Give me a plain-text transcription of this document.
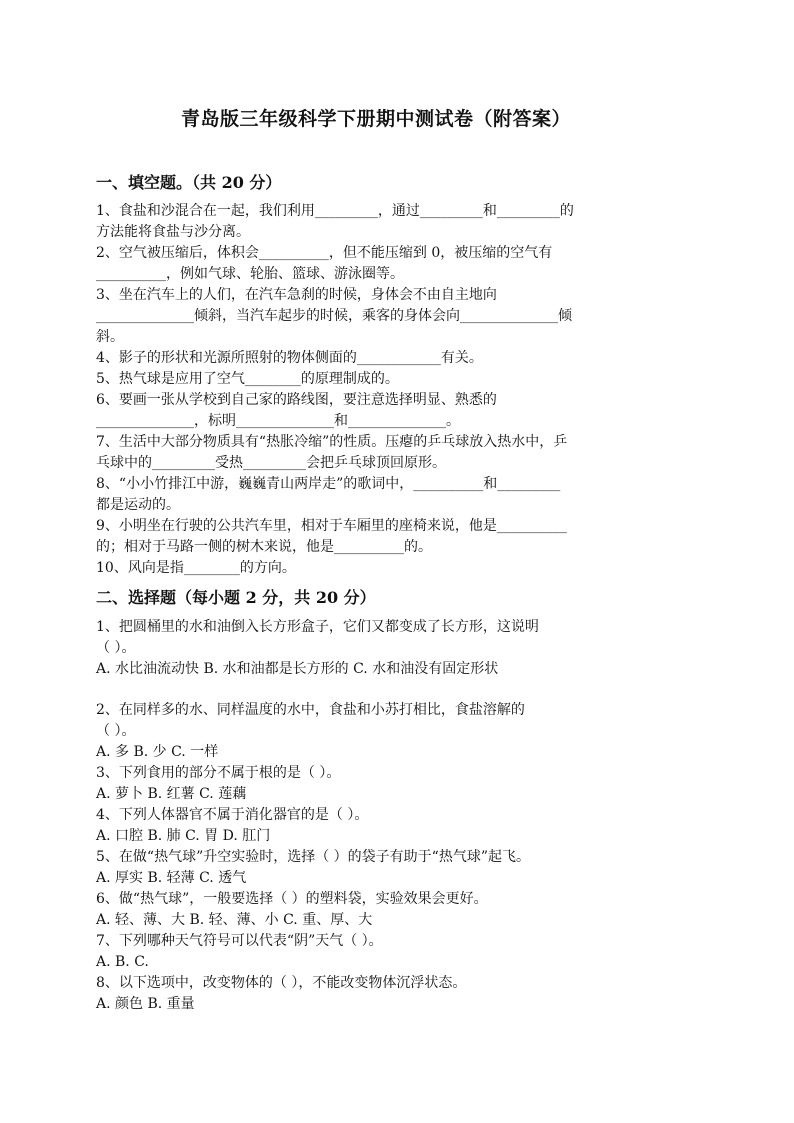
青岛版三年级科学下册期中测试卷（附答案）
一、填空题。（共 20 分）
1、食盐和沙混合在一起，我们利用_________，通过_________和_________的
方法能将食盐与沙分离。
2、空气被压缩后，体积会__________，但不能压缩到 0，被压缩的空气有
__________，例如气球、轮胎、篮球、游泳圈等。
3、坐在汽车上的人们，在汽车急刹的时候，身体会不由自主地向
______________倾斜，当汽车起步的时候，乘客的身体会向______________倾
斜。
4、影子的形状和光源所照射的物体侧面的____________有关。
5、热气球是应用了空气________的原理制成的。
6、要画一张从学校到自己家的路线图，要注意选择明显、熟悉的
______________，标明______________和______________。
7、生活中大部分物质具有“热胀冷缩”的性质。压瘪的乒乓球放入热水中，乒
乓球中的_________受热_________会把乒乓球顶回原形。
8、“小小竹排江中游，巍巍青山两岸走”的歌词中，__________和_________
都是运动的。
9、小明坐在行驶的公共汽车里，相对于车厢里的座椅来说，他是__________
的；相对于马路一侧的树木来说，他是__________的。
10、风向是指________的方向。
二、选择题（每小题 2 分，共 20 分）
1、把圆桶里的水和油倒入长方形盒子，它们又都变成了长方形，这说明
（ ）。
A. 水比油流动快 B. 水和油都是长方形的 C. 水和油没有固定形状
2、在同样多的水、同样温度的水中，食盐和小苏打相比，食盐溶解的
（ ）。
A. 多 B. 少 C. 一样
3、下列食用的部分不属于根的是（ ）。
A. 萝卜 B. 红薯 C. 莲藕
4、下列人体器官不属于消化器官的是（ ）。
A. 口腔 B. 肺 C. 胃 D. 肛门
5、在做“热气球”升空实验时，选择（ ）的袋子有助于“热气球”起飞。
A. 厚实 B. 轻薄 C. 透气
6、做“热气球”，一般要选择（ ）的塑料袋，实验效果会更好。
A. 轻、薄、大 B. 轻、薄、小 C. 重、厚、大
7、下列哪种天气符号可以代表“阴”天气（ ）。
A. B. C.
8、以下选项中，改变物体的（ ），不能改变物体沉浮状态。
A. 颜色 B. 重量
